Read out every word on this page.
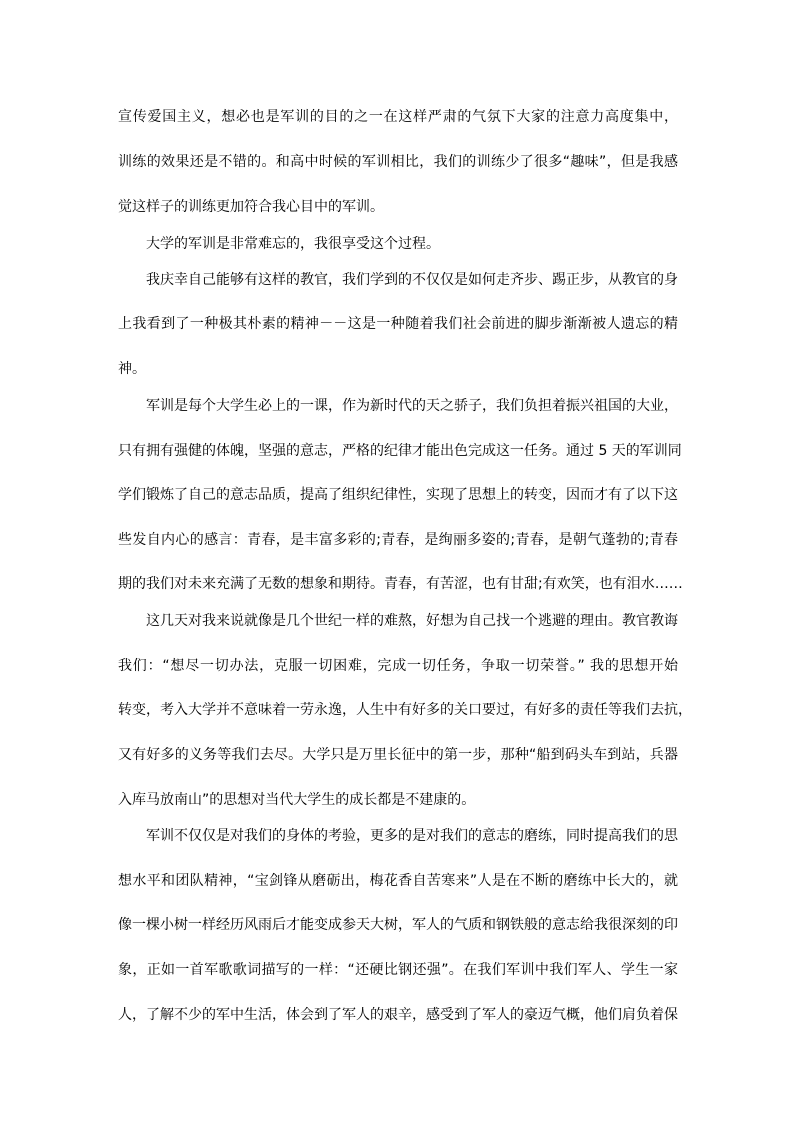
宣传爱国主义，想必也是军训的目的之一在这样严肃的气氛下大家的注意力高度集中，
训练的效果还是不错的。和高中时候的军训相比，我们的训练少了很多“趣味”，但是我感
觉这样子的训练更加符合我心目中的军训。
大学的军训是非常难忘的，我很享受这个过程。
我庆幸自己能够有这样的教官，我们学到的不仅仅是如何走齐步、踢正步，从教官的身
上我看到了一种极其朴素的精神－－这是一种随着我们社会前进的脚步渐渐被人遗忘的精
神。
军训是每个大学生必上的一课，作为新时代的天之骄子，我们负担着振兴祖国的大业，
只有拥有强健的体魄，坚强的意志，严格的纪律才能出色完成这一任务。通过 5 天的军训同
学们锻炼了自己的意志品质，提高了组织纪律性，实现了思想上的转变，因而才有了以下这
些发自内心的感言：青春，是丰富多彩的;青春，是绚丽多姿的;青春，是朝气蓬勃的;青春
期的我们对未来充满了无数的想象和期待。青春，有苦涩，也有甘甜;有欢笑，也有泪水……
这几天对我来说就像是几个世纪一样的难熬，好想为自己找一个逃避的理由。教官教诲
我们：“想尽一切办法，克服一切困难，完成一切任务，争取一切荣誉。” 我的思想开始
转变，考入大学并不意味着一劳永逸，人生中有好多的关口要过，有好多的责任等我们去抗，
又有好多的义务等我们去尽。大学只是万里长征中的第一步，那种“船到码头车到站，兵器
入库马放南山”的思想对当代大学生的成长都是不建康的。
军训不仅仅是对我们的身体的考验，更多的是对我们的意志的磨练，同时提高我们的思
想水平和团队精神，“宝剑锋从磨砺出，梅花香自苦寒来”人是在不断的磨练中长大的，就
像一棵小树一样经历风雨后才能变成参天大树，军人的气质和钢铁般的意志给我很深刻的印
象，正如一首军歌歌词描写的一样：“还硬比钢还强”。在我们军训中我们军人、学生一家
人，了解不少的军中生活，体会到了军人的艰辛，感受到了军人的豪迈气概，他们肩负着保
